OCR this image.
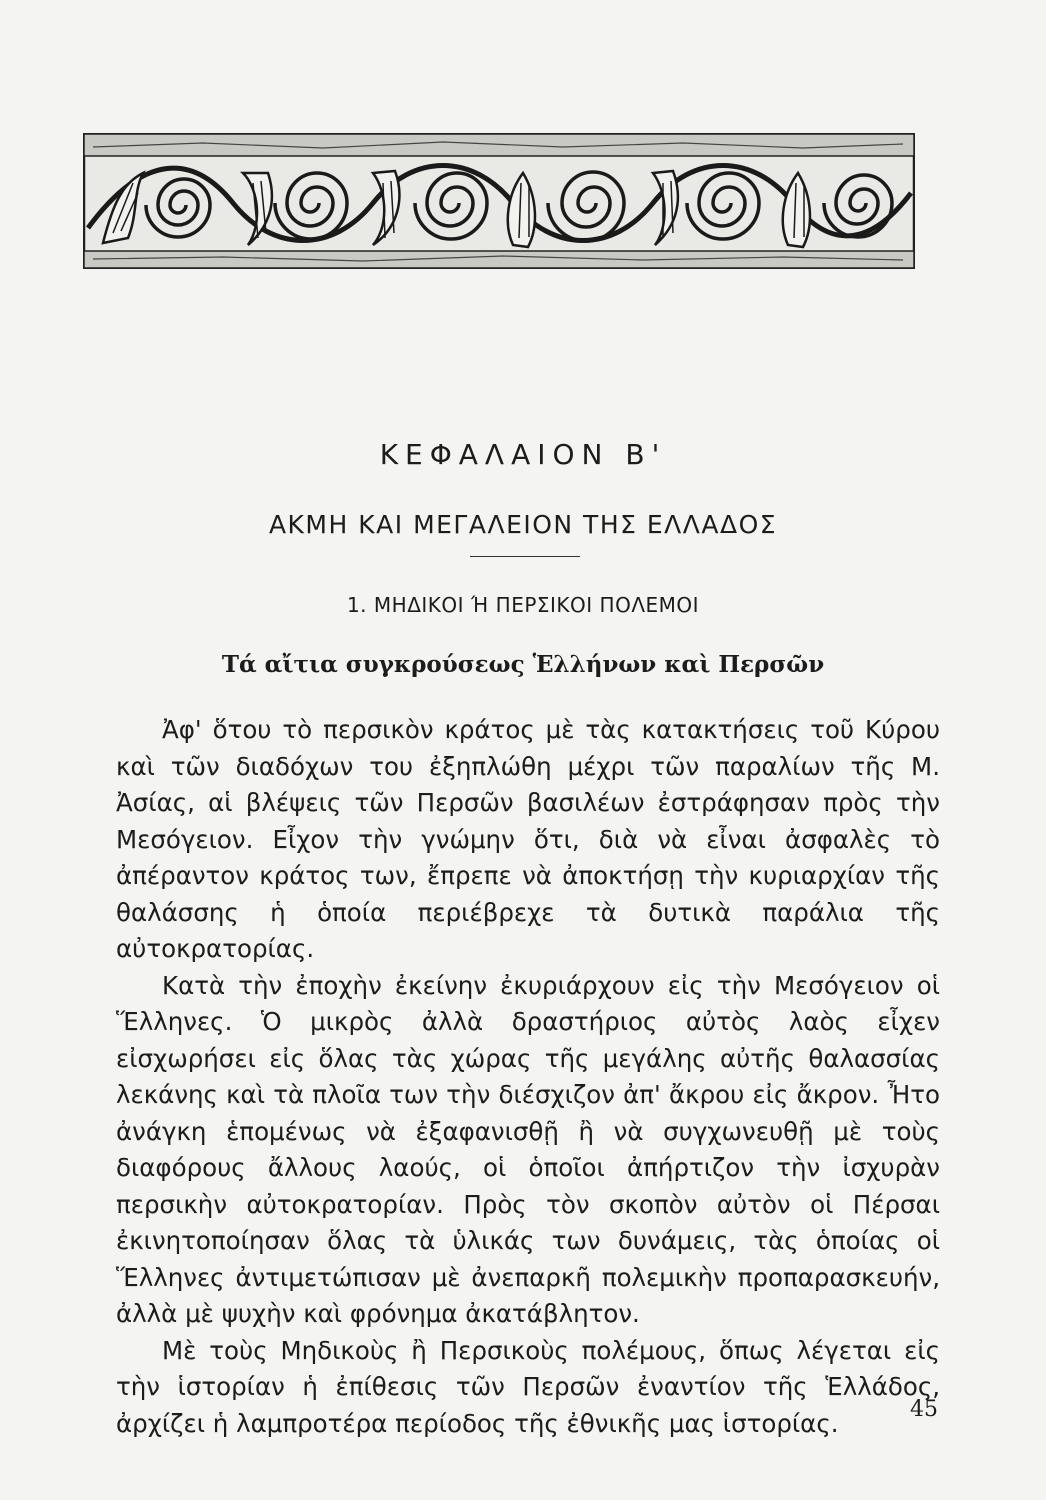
ΚΕΦΑΛΑΙΟΝ Β'
ΑΚΜΗ ΚΑΙ ΜΕΓΑΛΕΙΟΝ ΤΗΣ ΕΛΛΑΔΟΣ
1. ΜΗΔΙΚΟΙ Ή ΠΕΡΣΙΚΟΙ ΠΟΛΕΜΟΙ
Τά αἴτια συγκρούσεως Ἑλλήνων καὶ Περσῶν

Ἀφ' ὅτου τὸ περσικὸν κράτος μὲ τὰς κατακτήσεις τοῦ Κύρου καὶ τῶν διαδόχων του ἐξηπλώθη μέχρι τῶν παραλίων τῆς Μ. Ἀσίας, αἱ βλέψεις τῶν Περσῶν βασιλέων ἐστράφησαν πρὸς τὴν Μεσόγειον. Εἶχον τὴν γνώμην ὅτι, διὰ νὰ εἶναι ἀσφαλὲς τὸ ἀπέραντον κράτος των, ἔπρεπε νὰ ἀποκτήσῃ τὴν κυριαρχίαν τῆς θαλάσσης ἡ ὁποία περιέβρεχε τὰ δυτικὰ παράλια τῆς αὐτοκρατορίας.

Κατὰ τὴν ἐποχὴν ἐκείνην ἐκυριάρχουν εἰς τὴν Μεσόγειον οἱ Ἕλληνες. Ὁ μικρὸς ἀλλὰ δραστήριος αὐτὸς λαὸς εἶχεν εἰσχωρήσει εἰς ὅλας τὰς χώρας τῆς μεγάλης αὐτῆς θαλασσίας λεκάνης καὶ τὰ πλοῖα των τὴν διέσχιζον ἀπ' ἄκρου εἰς ἄκρον. Ἦτο ἀνάγκη ἑπομένως νὰ ἐξαφανισθῇ ἢ νὰ συγχωνευθῇ μὲ τοὺς διαφόρους ἄλλους λαούς, οἱ ὁποῖοι ἀπήρτιζον τὴν ἰσχυρὰν περσικὴν αὐτοκρατορίαν. Πρὸς τὸν σκοπὸν αὐτὸν οἱ Πέρσαι ἐκινητοποίησαν ὅλας τὰ ὑλικάς των δυνάμεις, τὰς ὁποίας οἱ Ἕλληνες ἀντιμετώπισαν μὲ ἀνεπαρκῆ πολεμικὴν προπαρασκευήν, ἀλλὰ μὲ ψυχὴν καὶ φρόνημα ἀκατάβλητον.

Μὲ τοὺς Μηδικοὺς ἢ Περσικοὺς πολέμους, ὅπως λέγεται εἰς τὴν ἱστορίαν ἡ ἐπίθεσις τῶν Περσῶν ἐναντίον τῆς Ἑλλάδος, ἀρχίζει ἡ λαμπροτέρα περίοδος τῆς ἐθνικῆς μας ἱστορίας.	45
